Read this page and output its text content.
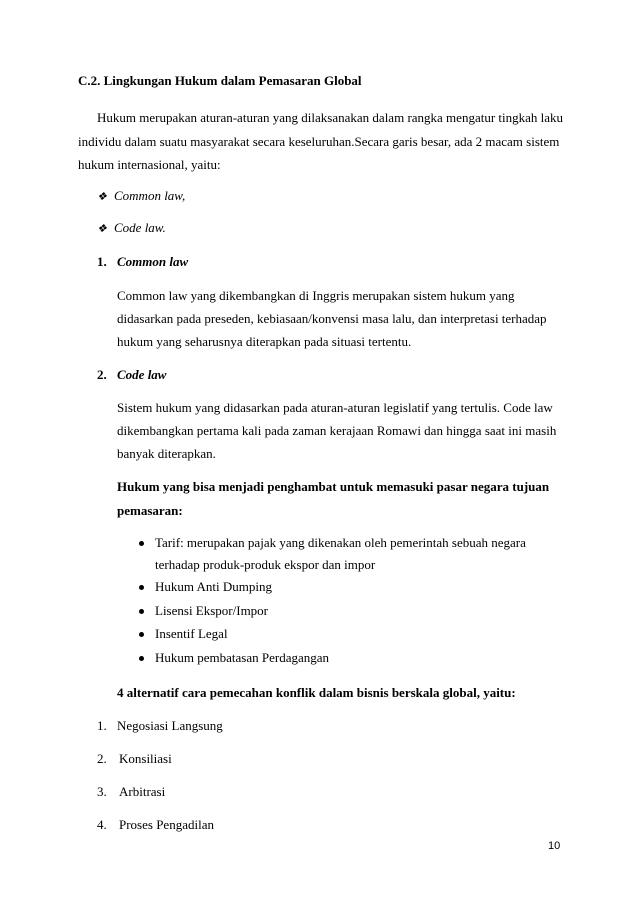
C.2. Lingkungan Hukum dalam Pemasaran Global
Hukum merupakan aturan-aturan yang dilaksanakan dalam rangka mengatur tingkah laku
individu dalam suatu masyarakat secara keseluruhan.Secara garis besar, ada 2 macam sistem
hukum internasional, yaitu:
❖ Common law,
❖ Code law.
1. Common law
Common law yang dikembangkan di Inggris merupakan sistem hukum yang
didasarkan pada preseden, kebiasaan/konvensi masa lalu, dan interpretasi terhadap
hukum yang seharusnya diterapkan pada situasi tertentu.
2. Code law
Sistem hukum yang didasarkan pada aturan-aturan legislatif yang tertulis. Code law
dikembangkan pertama kali pada zaman kerajaan Romawi dan hingga saat ini masih
banyak diterapkan.
Hukum yang bisa menjadi penghambat untuk memasuki pasar negara tujuan
pemasaran:
Tarif: merupakan pajak yang dikenakan oleh pemerintah sebuah negara
terhadap produk-produk ekspor dan impor
Hukum Anti Dumping
Lisensi Ekspor/Impor
Insentif Legal
Hukum pembatasan Perdagangan
4 alternatif cara pemecahan konflik dalam bisnis berskala global, yaitu:
1. Negosiasi Langsung
2. Konsiliasi
3. Arbitrasi
4. Proses Pengadilan
10
